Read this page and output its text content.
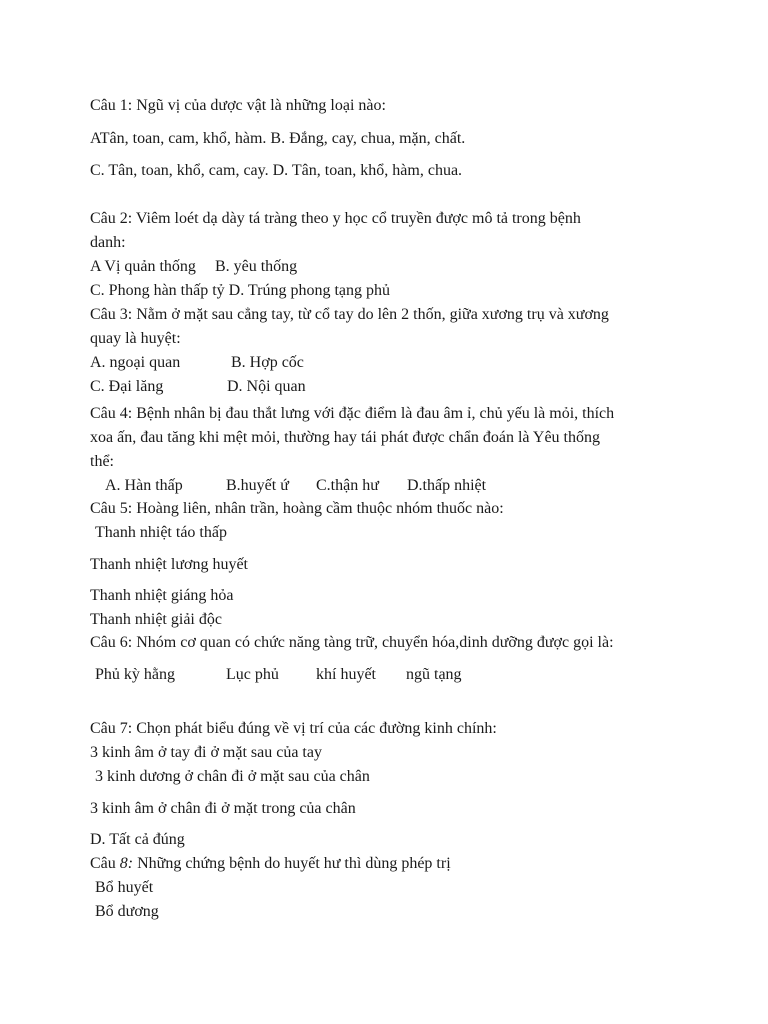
Câu 1: Ngũ vị của dược vật là những loại nào:
ATân, toan, cam, khổ, hàm. B. Đắng, cay, chua, mặn, chất.
C. Tân, toan, khổ, cam, cay. D. Tân, toan, khổ, hàm, chua.
Câu 2: Viêm loét dạ dày tá tràng theo y học cổ truyền được mô tả trong bệnh
danh:
A Vị quản thống B. yêu thống
C. Phong hàn thấp tỷ D. Trúng phong tạng phủ
Câu 3: Nằm ở mặt sau cẳng tay, từ cổ tay do lên 2 thốn, giữa xương trụ và xương
quay là huyệt:
A. ngoại quan	B. Hợp cốc
C. Đại lăng	D. Nội quan
Câu 4: Bệnh nhân bị đau thắt lưng với đặc điểm là đau âm ỉ, chủ yếu là mỏi, thích
xoa ấn, đau tăng khi mệt mỏi, thường hay tái phát được chẩn đoán là Yêu thống
thể:
A. Hàn thấp	B.huyết ứ C.thận hư D.thấp nhiệt
Câu 5: Hoàng liên, nhân trần, hoàng cầm thuộc nhóm thuốc nào:
Thanh nhiệt táo thấp
Thanh nhiệt lương huyết
Thanh nhiệt giáng hỏa
Thanh nhiệt giải độc
Câu 6: Nhóm cơ quan có chức năng tàng trữ, chuyển hóa,dinh dưỡng được gọi là:
Phủ kỳ hằng	Lục phủ khí huyết ngũ tạng
Câu 7: Chọn phát biểu đúng về vị trí của các đường kinh chính:
3 kinh âm ở tay đi ở mặt sau của tay
3 kinh dương ở chân đi ở mặt sau của chân
3 kinh âm ở chân đi ở mặt trong của chân
D. Tất cả đúng
Câu 8: Những chứng bệnh do huyết hư thì dùng phép trị
Bổ huyết
Bổ dương
